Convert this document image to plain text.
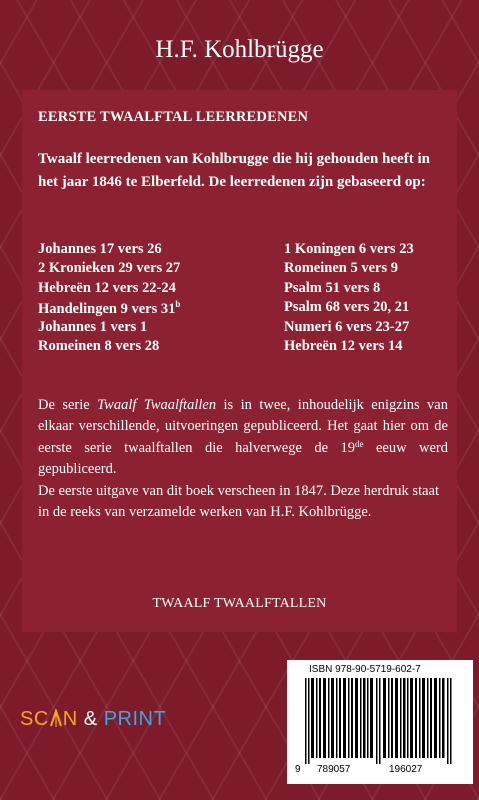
H.F. Kohlbrügge
EERSTE TWAALFTAL LEERREDENEN
Twaalf leerredenen van Kohlbrugge die hij gehouden heeft in het jaar 1846 te Elberfeld. De leerredenen zijn gebaseerd op:
Johannes 17 vers 26	1 Koningen 6 vers 23
2 Kronieken 29 vers 27	Romeinen 5 vers 9
Hebreën 12 vers 22-24	Psalm 51 vers 8
Handelingen 9 vers 31$^b$	Psalm 68 vers 20, 21
Johannes 1 vers 1	Numeri 6 vers 23-27
Romeinen 8 vers 28	Hebreën 12 vers 14

De serie Twaalf Twaalftallen is in twee, inhoudelijk enigzins van elkaar verschillende, uitvoeringen gepubliceerd. Het gaat hier om de eerste serie twaalftallen die halverwege de 19de eeuw werd gepubliceerd.

De eerste uitgave van dit boek verscheen in 1847. Deze herdruk staat in de reeks van verzamelde werken van H.F. Kohlbrügge.

TWAALF TWAALFTALLEN
SC N & PRINT
ISBN 978-90-5719-602-7
9 789057	196027
